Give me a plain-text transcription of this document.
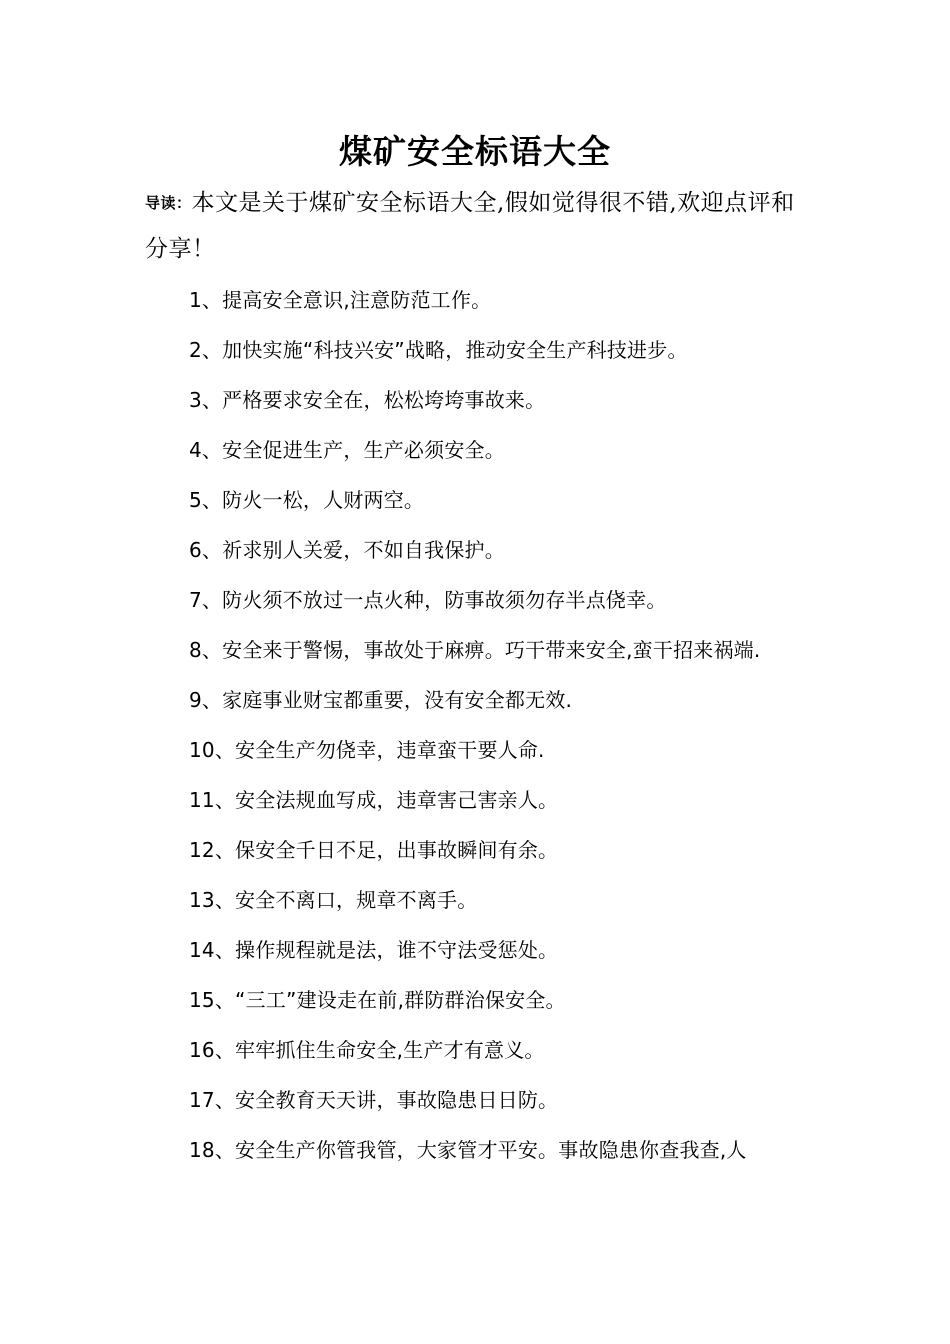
煤矿安全标语大全
导读：本文是关于煤矿安全标语大全,假如觉得很不错,欢迎点评和分享！

1、提高安全意识,注意防范工作。

2、加快实施“科技兴安”战略，推动安全生产科技进步。

3、严格要求安全在，松松垮垮事故来。

4、安全促进生产，生产必须安全。

5、防火一松，人财两空。

6、祈求别人关爱，不如自我保护。

7、防火须不放过一点火种，防事故须勿存半点侥幸。

8、安全来于警惕，事故处于麻痹。巧干带来安全,蛮干招来祸端.

9、家庭事业财宝都重要，没有安全都无效.

10、安全生产勿侥幸，违章蛮干要人命.

11、安全法规血写成，违章害己害亲人。

12、保安全千日不足，出事故瞬间有余。

13、安全不离口，规章不离手。

14、操作规程就是法，谁不守法受惩处。

15、“三工”建设走在前,群防群治保安全。

16、牢牢抓住生命安全,生产才有意义。

17、安全教育天天讲，事故隐患日日防。

18、安全生产你管我管，大家管才平安。事故隐患你查我查,人
